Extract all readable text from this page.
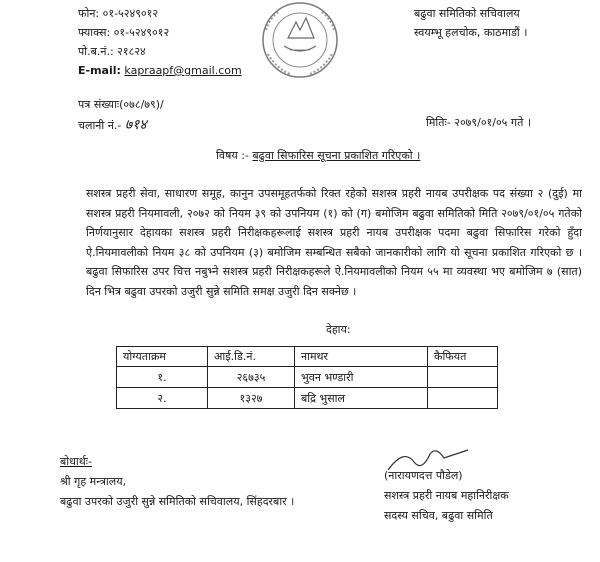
फोन: ०१-५२४९०१२
फ्याक्स: ०१-५२४९०१२
पो.ब.नं.: २१८२४
E-mail: kapraapf@gmail.com
बढुवा समितिको सचिवालय
स्वयम्भू हलचोक, काठमाडौं ।
पत्र संख्याः(०७८/७९)/
चलानी नं.- ७१४	मितिः- २०७९/०१/०५ गते ।
विषय :- बढुवा सिफारिस सूचना प्रकाशित गरिएको ।
सशस्त्र प्रहरी सेवा, साधारण समूह, कानुन उपसमूहतर्फको रिक्त रहेको सशस्त्र प्रहरी नायब उपरीक्षक पद संख्या २ (दुई) मा सशस्त्र प्रहरी नियमावली, २०७२ को नियम ३९ को उपनियम (१) को (ग) बमोजिम बढुवा समितिको मिति २०७९/०१/०५ गतेको निर्णयानुसार देहायका सशस्त्र प्रहरी निरीक्षकहरूलाई सशस्त्र प्रहरी नायब उपरीक्षक पदमा बढुवा सिफारिस गरेको हुँदा ऐ.नियमावलीको नियम ३८ को उपनियम (३) बमोजिम सम्बन्धित सबैको जानकारीको लागि यो सूचना प्रकाशित गरिएको छ । बढुवा सिफारिस उपर चित्त नबुभ्ने सशस्त्र प्रहरी निरीक्षकहरूले ऐ.नियमावलीको नियम ५५ मा व्यवस्था भए बमोजिम ७ (सात) दिन भित्र बढुवा उपरको उजुरी सुन्ने समिति समक्ष उजुरी दिन सक्नेछ ।
देहाय:
योग्यताक्रम	आई.डि.नं.	नामथर	कैफियत
१.	२६७३५	भुवन भण्डारी	
२.	१३२७	बद्रि भुसाल	
बोधार्थः-
श्री गृह मन्त्रालय,
बढुवा उपरको उजुरी सुन्ने समितिको सचिवालय, सिंहदरबार ।
(नारायणदत्त पौडेल)
सशस्त्र प्रहरी नायब महानिरीक्षक
सदस्य सचिव, बढुवा समिति
